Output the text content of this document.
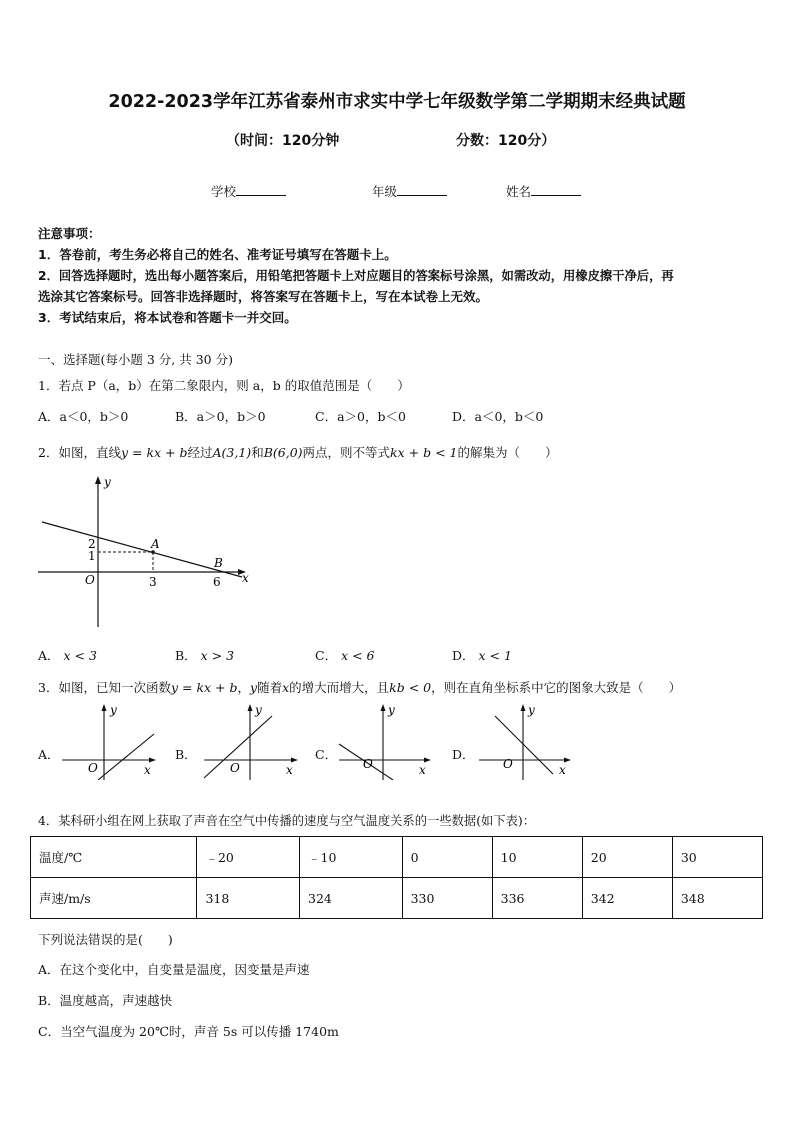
2022-2023学年江苏省泰州市求实中学七年级数学第二学期期末经典试题
（时间：120分钟	分数：120分）
学校	年级	姓名
注意事项：
1．答卷前，考生务必将自己的姓名、准考证号填写在答题卡上。
2．回答选择题时，选出每小题答案后，用铅笔把答题卡上对应题目的答案标号涂黑，如需改动，用橡皮擦干净后，再
选涂其它答案标号。回答非选择题时，将答案写在答题卡上，写在本试卷上无效。
3．考试结束后，将本试卷和答题卡一并交回。
一、选择题(每小题 3 分, 共 30 分)
1．若点 P（a，b）在第二象限内，则 a，b 的取值范围是（　　）
A．a＜0，b＞0	B．a＞0，b＞0	C．a＞0，b＜0	D．a＜0，b＜0
2．如图，直线y = kx + b经过A(3,1)和B(6,0)两点，则不等式kx + b < 1的解集为（　　）
y
x
O
2
1
3	6
A
B
A． x < 3	B． x > 3	C． x < 6	D． x < 1
3．如图，已知一次函数y = kx + b，y随着x的增大而增大，且kb < 0，则在直角坐标系中它的图象大致是（　　）
A．	B．	C．	D．
y
x
O
y
x
O
y
x
O
y
x
O
4．某科研小组在网上获取了声音在空气中传播的速度与空气温度关系的一些数据(如下表)：
温度/℃	﹣20	﹣10	0	10	20	30
声速/m/s	318	324	330	336	342	348
下列说法错误的是(　　)
A．在这个变化中，自变量是温度，因变量是声速
B．温度越高，声速越快
C．当空气温度为 20℃时，声音 5s 可以传播 1740m
